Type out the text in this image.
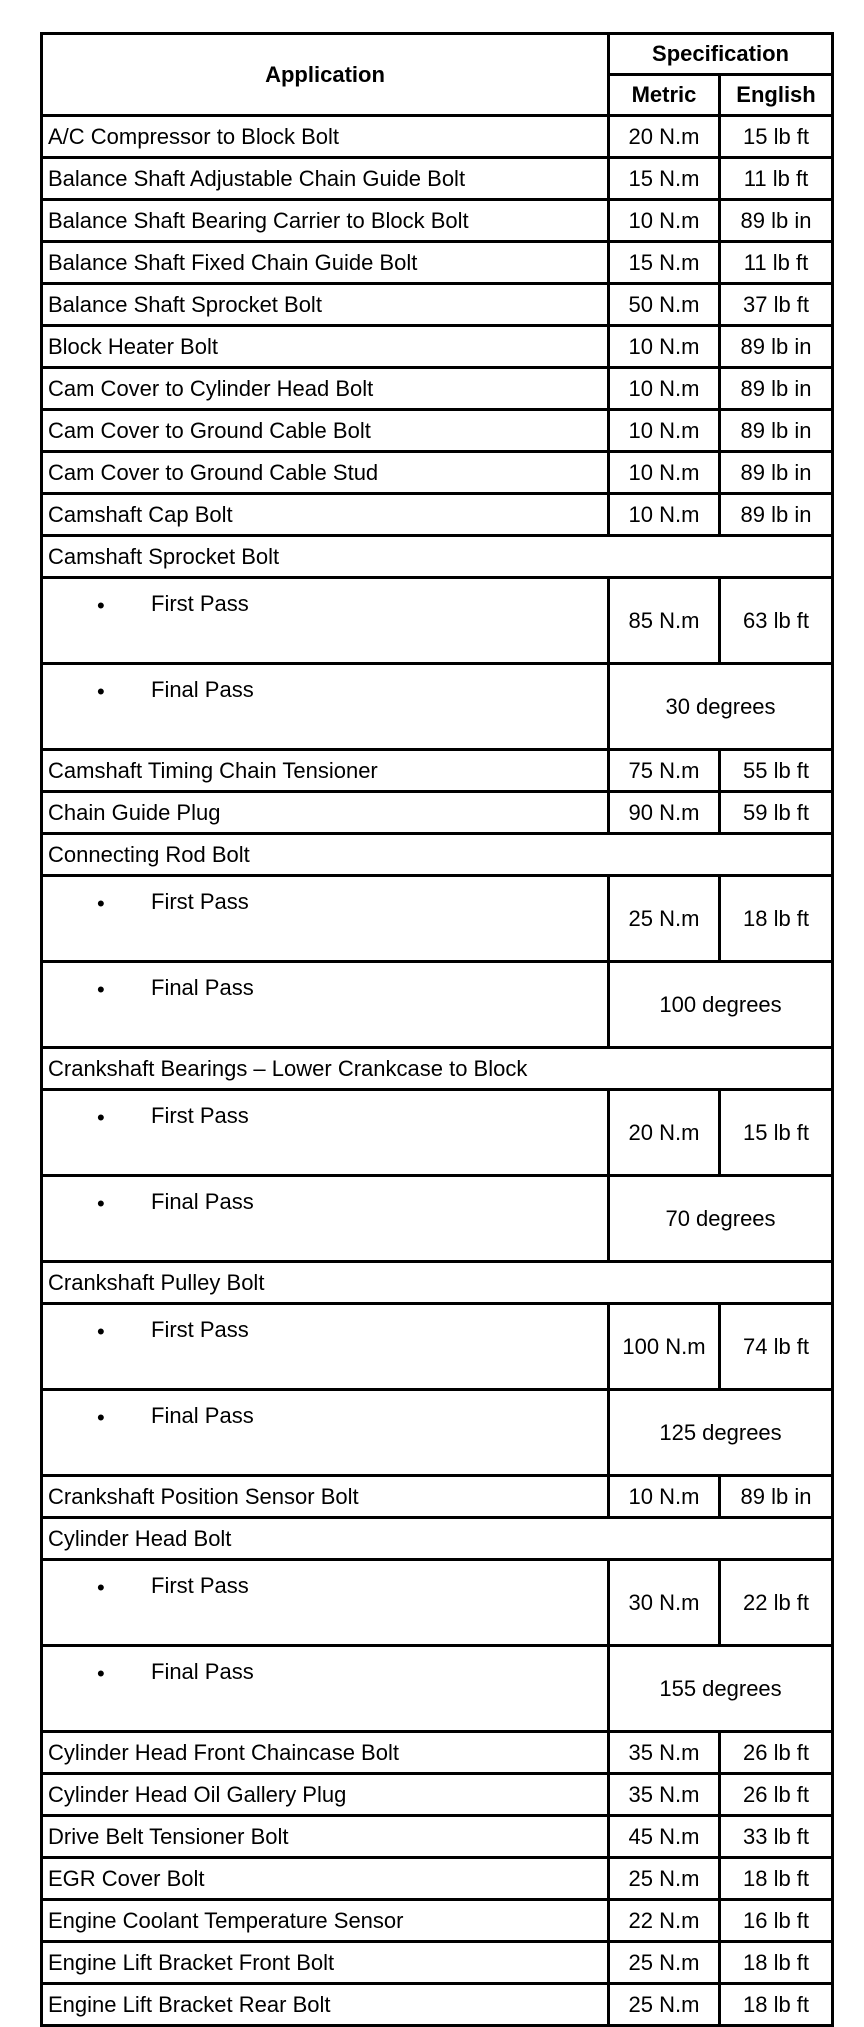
Application	Specification	
	Metric	English
A/C Compressor to Block Bolt	20 N.m	15 lb ft
Balance Shaft Adjustable Chain Guide Bolt	15 N.m	11 lb ft
Balance Shaft Bearing Carrier to Block Bolt	10 N.m	89 lb in
Balance Shaft Fixed Chain Guide Bolt	15 N.m	11 lb ft
Balance Shaft Sprocket Bolt	50 N.m	37 lb ft
Block Heater Bolt	10 N.m	89 lb in
Cam Cover to Cylinder Head Bolt	10 N.m	89 lb in
Cam Cover to Ground Cable Bolt	10 N.m	89 lb in
Cam Cover to Ground Cable Stud	10 N.m	89 lb in
Camshaft Cap Bolt	10 N.m	89 lb in
Camshaft Sprocket Bolt		

• First Pass	85 N.m	63 lb ft

• Final Pass	30 degrees	
Camshaft Timing Chain Tensioner	75 N.m	55 lb ft
Chain Guide Plug	90 N.m	59 lb ft
Connecting Rod Bolt		

• First Pass	25 N.m	18 lb ft

• Final Pass	100 degrees	
Crankshaft Bearings – Lower Crankcase to Block		

• First Pass	20 N.m	15 lb ft

• Final Pass	70 degrees	
Crankshaft Pulley Bolt		

• First Pass	100 N.m	74 lb ft

• Final Pass	125 degrees	
Crankshaft Position Sensor Bolt	10 N.m	89 lb in
Cylinder Head Bolt		

• First Pass	30 N.m	22 lb ft

• Final Pass	155 degrees	
Cylinder Head Front Chaincase Bolt	35 N.m	26 lb ft
Cylinder Head Oil Gallery Plug	35 N.m	26 lb ft
Drive Belt Tensioner Bolt	45 N.m	33 lb ft
EGR Cover Bolt	25 N.m	18 lb ft
Engine Coolant Temperature Sensor	22 N.m	16 lb ft
Engine Lift Bracket Front Bolt	25 N.m	18 lb ft
Engine Lift Bracket Rear Bolt	25 N.m	18 lb ft
